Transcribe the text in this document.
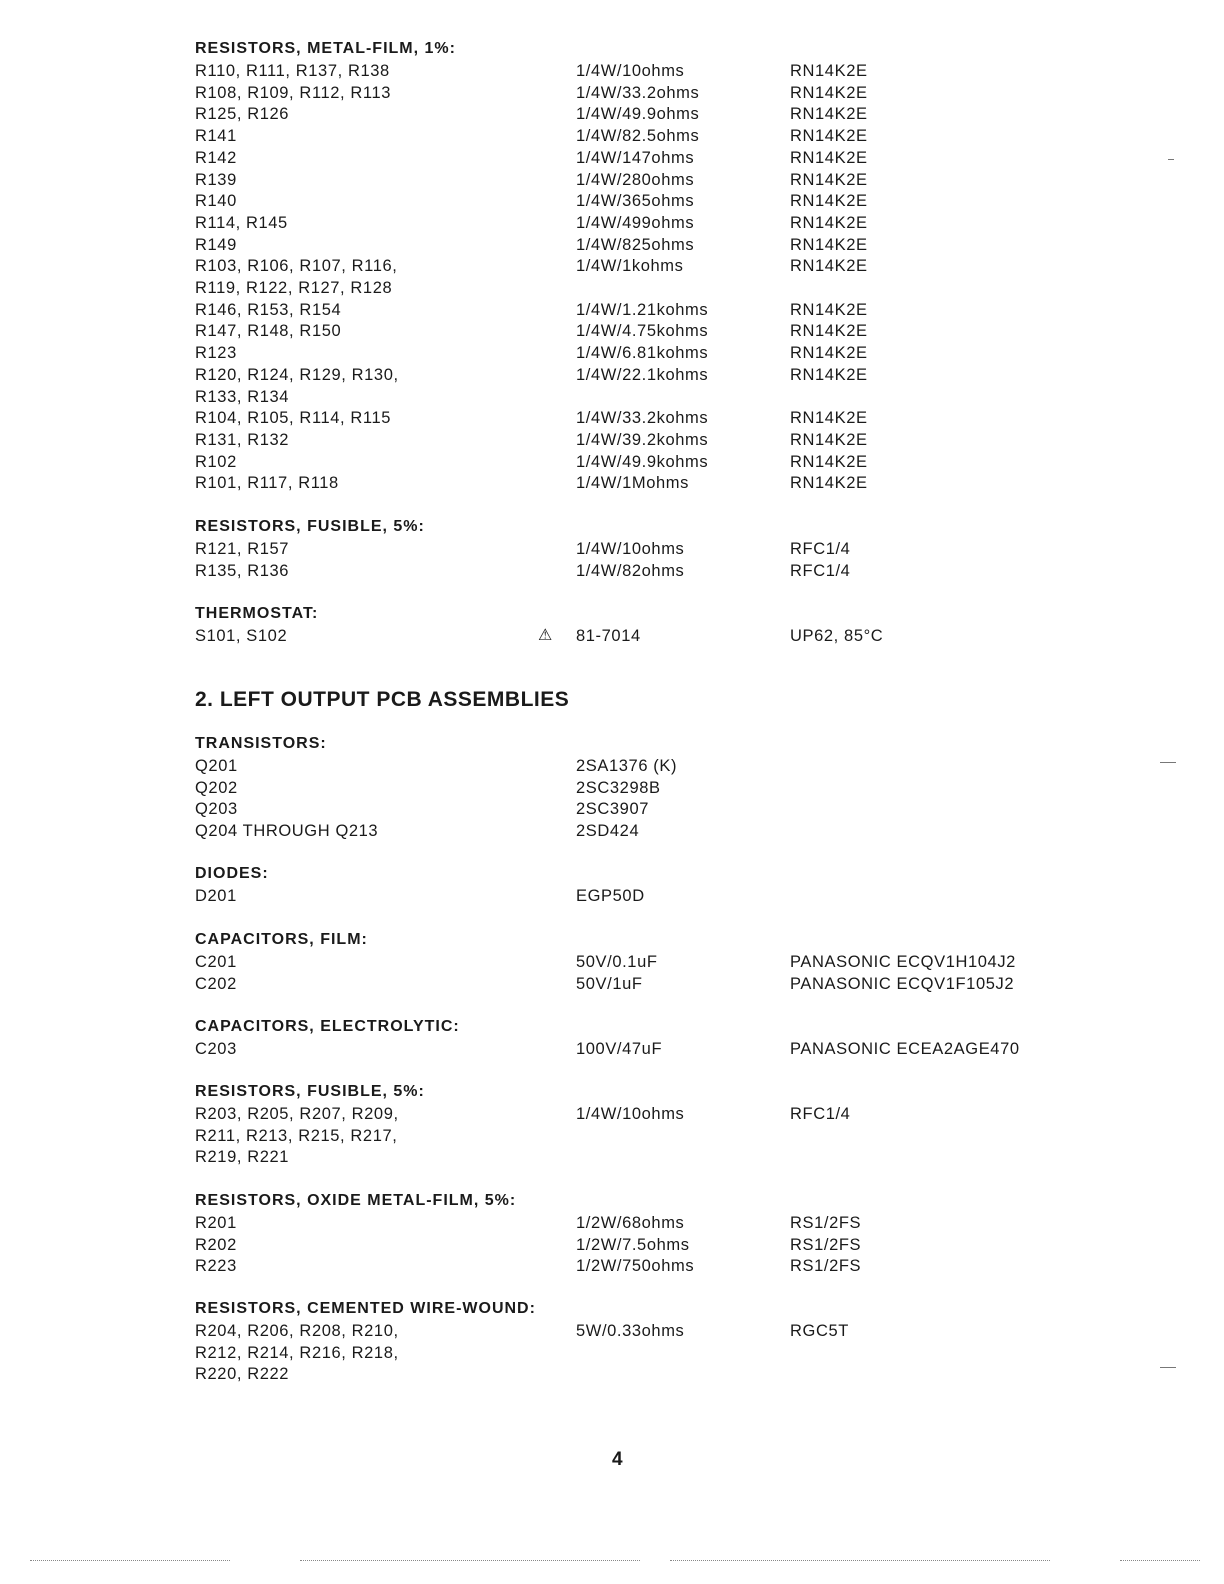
RESISTORS, METAL-FILM, 1%:
R110, R111, R137, R138	1/4W/10ohms	RN14K2E
R108, R109, R112, R113	1/4W/33.2ohms	RN14K2E
R125, R126	1/4W/49.9ohms	RN14K2E
R141	1/4W/82.5ohms	RN14K2E
R142	1/4W/147ohms	RN14K2E
R139	1/4W/280ohms	RN14K2E
R140	1/4W/365ohms	RN14K2E
R114, R145	1/4W/499ohms	RN14K2E
R149	1/4W/825ohms	RN14K2E
R103, R106, R107, R116,	1/4W/1kohms	RN14K2E
R119, R122, R127, R128
R146, R153, R154	1/4W/1.21kohms	RN14K2E
R147, R148, R150	1/4W/4.75kohms	RN14K2E
R123	1/4W/6.81kohms	RN14K2E
R120, R124, R129, R130,	1/4W/22.1kohms	RN14K2E
R133, R134
R104, R105, R114, R115	1/4W/33.2kohms	RN14K2E
R131, R132	1/4W/39.2kohms	RN14K2E
R102	1/4W/49.9kohms	RN14K2E
R101, R117, R118	1/4W/1Mohms	RN14K2E
RESISTORS, FUSIBLE, 5%:
R121, R157	1/4W/10ohms	RFC1/4
R135, R136	1/4W/82ohms	RFC1/4
THERMOSTAT:
S101, S102	⚠ 81-7014	UP62, 85°C
2. LEFT OUTPUT PCB ASSEMBLIES
TRANSISTORS:
Q201	2SA1376 (K)
Q202	2SC3298B
Q203	2SC3907
Q204 THROUGH Q213	2SD424
DIODES:
D201	EGP50D
CAPACITORS, FILM:
C201	50V/0.1uF	PANASONIC ECQV1H104J2
C202	50V/1uF	PANASONIC ECQV1F105J2
CAPACITORS, ELECTROLYTIC:
C203	100V/47uF	PANASONIC ECEA2AGE470
RESISTORS, FUSIBLE, 5%:
R203, R205, R207, R209,	1/4W/10ohms	RFC1/4
R211, R213, R215, R217,
R219, R221
RESISTORS, OXIDE METAL-FILM, 5%:
R201	1/2W/68ohms	RS1/2FS
R202	1/2W/7.5ohms	RS1/2FS
R223	1/2W/750ohms	RS1/2FS
RESISTORS, CEMENTED WIRE-WOUND:
R204, R206, R208, R210,	5W/0.33ohms	RGC5T
R212, R214, R216, R218,
R220, R222
4
